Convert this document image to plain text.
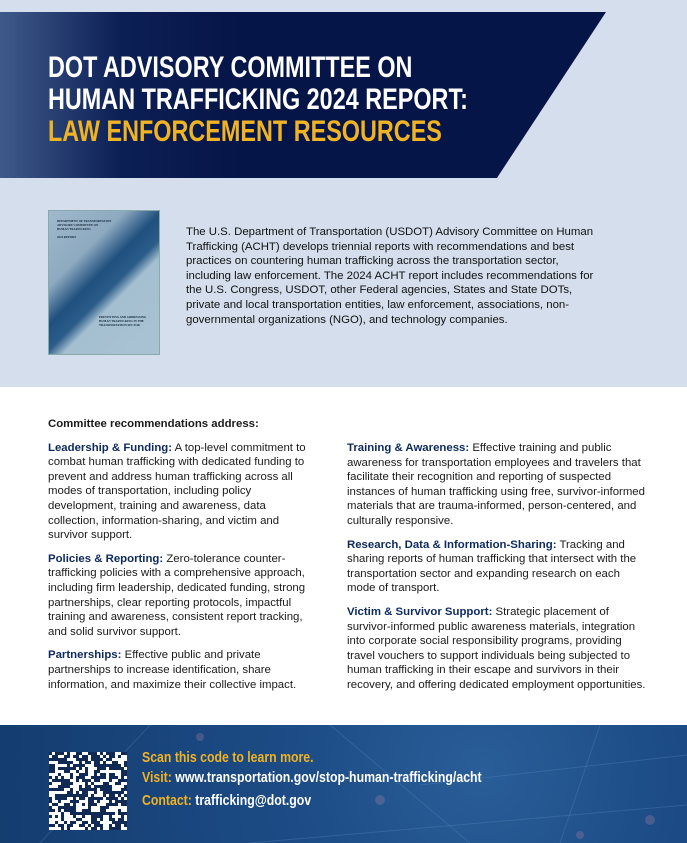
DOT ADVISORY COMMITTEE ON
HUMAN TRAFFICKING 2024 REPORT:
LAW ENFORCEMENT RESOURCES
DEPARTMENT OF TRANSPORTATION
ADVISORY COMMITTEE ON
HUMAN TRAFFICKING
2024 REPORT
PREVENTING AND ADDRESSING
HUMAN TRAFFICKING IN THE
TRANSPORTATION SECTOR

The U.S. Department of Transportation (USDOT) Advisory Committee on Human Trafficking (ACHT) develops triennial reports with recommendations and best practices on countering human trafficking across the transportation sector, including law enforcement. The 2024 ACHT report includes recommendations for the U.S. Congress, USDOT, other Federal agencies, States and State DOTs, private and local transportation entities, law enforcement, associations, non-governmental organizations (NGO), and technology companies.

Committee recommendations address:

Leadership & Funding: A top-level commitment to combat human trafficking with dedicated funding to prevent and address human trafficking across all modes of transportation, including policy development, training and awareness, data collection, information-sharing, and victim and survivor support.

Policies & Reporting: Zero-tolerance counter-trafficking policies with a comprehensive approach, including firm leadership, dedicated funding, strong partnerships, clear reporting protocols, impactful training and awareness, consistent report tracking, and solid survivor support.

Partnerships: Effective public and private partnerships to increase identification, share information, and maximize their collective impact.

Training & Awareness: Effective training and public awareness for transportation employees and travelers that facilitate their recognition and reporting of suspected instances of human trafficking using free, survivor-informed materials that are trauma-informed, person-centered, and culturally responsive.

Research, Data & Information-Sharing: Tracking and sharing reports of human trafficking that intersect with the transportation sector and expanding research on each mode of transport.

Victim & Survivor Support: Strategic placement of survivor-informed public awareness materials, integration into corporate social responsibility programs, providing travel vouchers to support individuals being subjected to human trafficking in their escape and survivors in their recovery, and offering dedicated employment opportunities.

Scan this code to learn more.
Visit: www.transportation.gov/stop-human-trafficking/acht
Contact: trafficking@dot.gov
